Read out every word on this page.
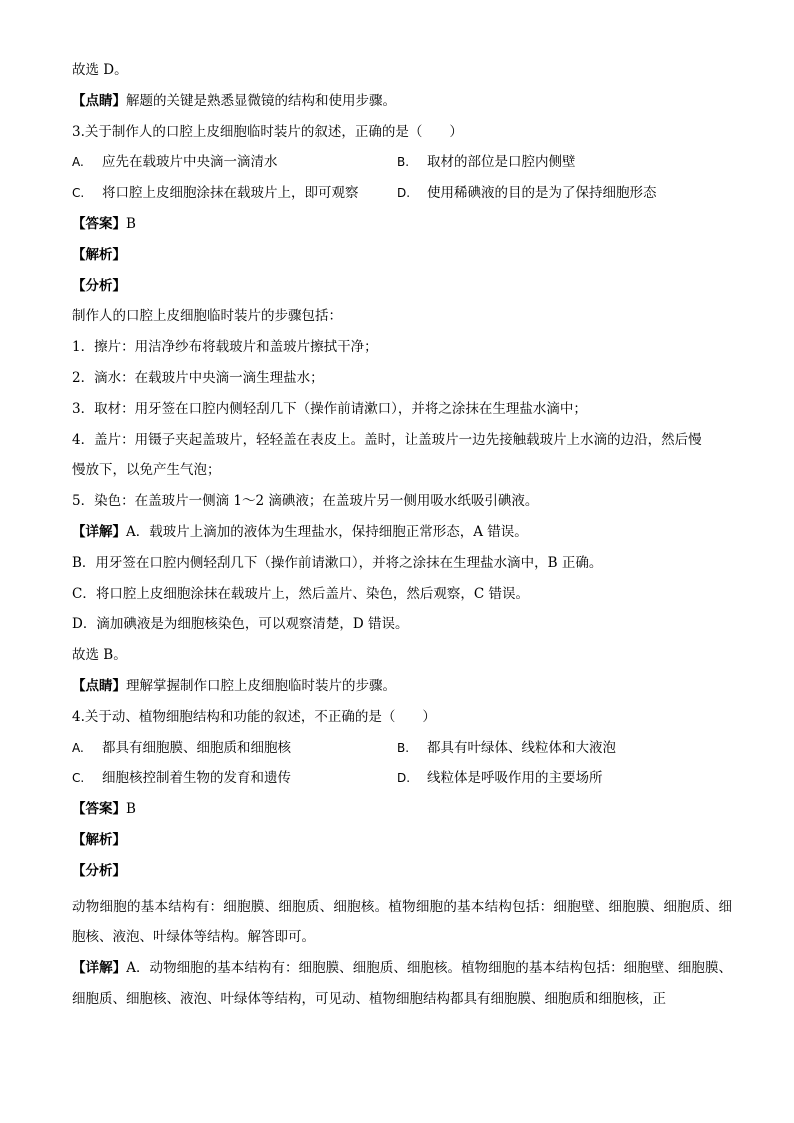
故选 D。
【点睛】解题的关键是熟悉显微镜的结构和使用步骤。
3.关于制作人的口腔上皮细胞临时装片的叙述，正确的是（　　）
A. 应先在载玻片中央滴一滴清水	B. 取材的部位是口腔内侧壁
C. 将口腔上皮细胞涂抹在载玻片上，即可观察	D. 使用稀碘液的目的是为了保持细胞形态
【答案】B
【解析】
【分析】
制作人的口腔上皮细胞临时装片的步骤包括：
1．擦片：用洁净纱布将载玻片和盖玻片擦拭干净；
2．滴水：在载玻片中央滴一滴生理盐水；
3．取材：用牙签在口腔内侧轻刮几下（操作前请漱口），并将之涂抹在生理盐水滴中；
4．盖片：用镊子夹起盖玻片，轻轻盖在表皮上。盖时，让盖玻片一边先接触载玻片上水滴的边沿，然后慢
慢放下，以免产生气泡；
5．染色：在盖玻片一侧滴 1～2 滴碘液；在盖玻片另一侧用吸水纸吸引碘液。
【详解】A．载玻片上滴加的液体为生理盐水，保持细胞正常形态，A 错误。
B．用牙签在口腔内侧轻刮几下（操作前请漱口），并将之涂抹在生理盐水滴中，B 正确。
C．将口腔上皮细胞涂抹在载玻片上，然后盖片、染色，然后观察，C 错误。
D．滴加碘液是为细胞核染色，可以观察清楚，D 错误。
故选 B。
【点睛】理解掌握制作口腔上皮细胞临时装片的步骤。
4.关于动、植物细胞结构和功能的叙述，不正确的是（　　）
A. 都具有细胞膜、细胞质和细胞核	B. 都具有叶绿体、线粒体和大液泡
C. 细胞核控制着生物的发育和遗传	D. 线粒体是呼吸作用的主要场所
【答案】B
【解析】
【分析】

动物细胞的基本结构有：细胞膜、细胞质、细胞核。植物细胞的基本结构包括：细胞壁、细胞膜、细胞质、细胞核、液泡、叶绿体等结构。解答即可。

【详解】A．动物细胞的基本结构有：细胞膜、细胞质、细胞核。植物细胞的基本结构包括：细胞壁、细胞膜、细胞质、细胞核、液泡、叶绿体等结构，可见动、植物细胞结构都具有细胞膜、细胞质和细胞核，正
